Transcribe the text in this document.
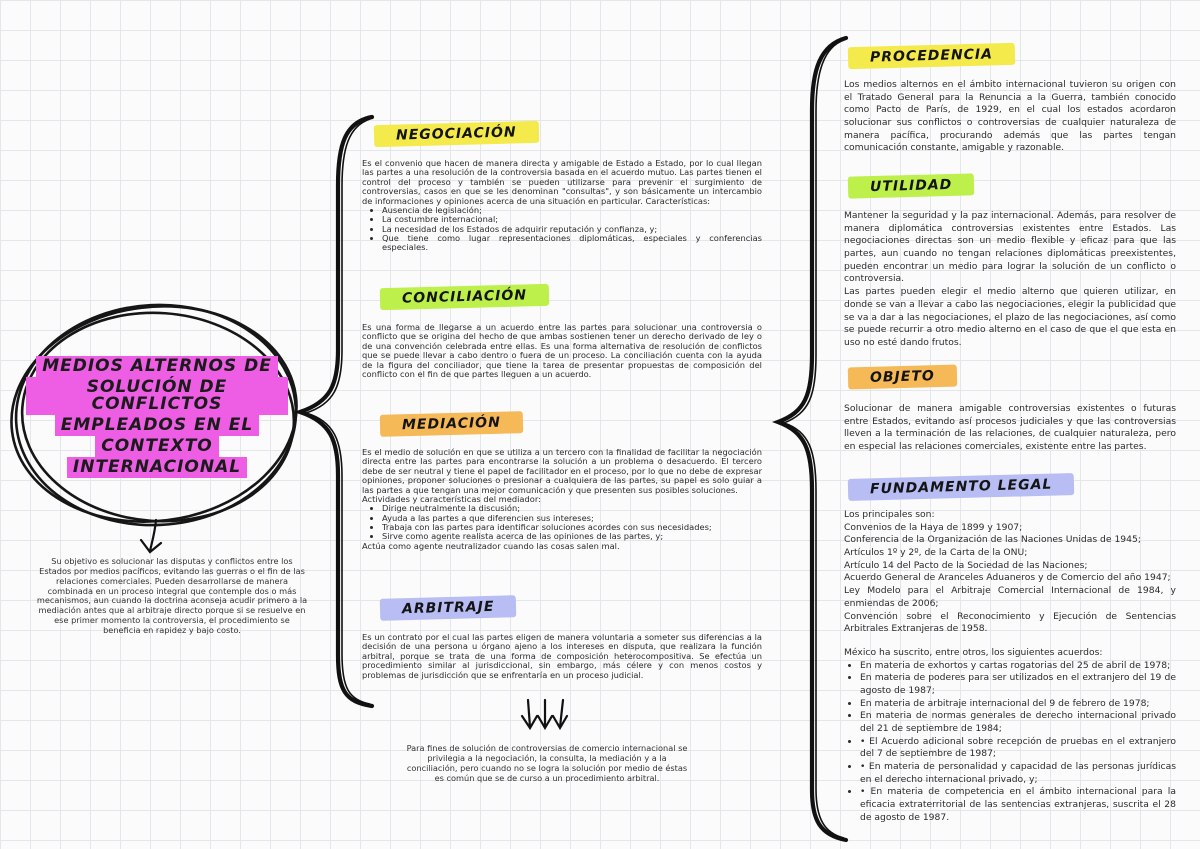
MEDIOS ALTERNOS DE
SOLUCIÓN DE CONFLICTOS
EMPLEADOS EN EL
CONTEXTO
INTERNACIONAL

Su objetivo es solucionar las disputas y conflictos entre los Estados por medios pacíficos, evitando las guerras o el fin de las relaciones comerciales. Pueden desarrollarse de manera combinada en un proceso integral que contemple dos o más mecanismos, aun cuando la doctrina aconseja acudir primero a la mediación antes que al arbitraje directo porque si se resuelve en ese primer momento la controversia, el procedimiento se beneficia en rapidez y bajo costo.

NEGOCIACIÓN

Es el convenio que hacen de manera directa y amigable de Estado a Estado, por lo cual llegan las partes a una resolución de la controversia basada en el acuerdo mutuo. Las partes tienen el control del proceso y también se pueden utilizarse para prevenir el surgimiento de controversias, casos en que se les denominan "consultas", y son básicamente un intercambio de informaciones y opiniones acerca de una situación en particular. Características:

• Ausencia de legislación;
• La costumbre internacional;
• La necesidad de los Estados de adquirir reputación y confianza, y;
• Que tiene como lugar representaciones diplomáticas, especiales y conferencias especiales.
CONCILIACIÓN

Es una forma de llegarse a un acuerdo entre las partes para solucionar una controversia o conflicto que se origina del hecho de que ambas sostienen tener un derecho derivado de ley o de una convención celebrada entre ellas. Es una forma alternativa de resolución de conflictos que se puede llevar a cabo dentro o fuera de un proceso. La conciliación cuenta con la ayuda de la figura del conciliador, que tiene la tarea de presentar propuestas de composición del conflicto con el fin de que partes lleguen a un acuerdo.

MEDIACIÓN

Es el medio de solución en que se utiliza a un tercero con la finalidad de facilitar la negociación directa entre las partes para encontrarse la solución a un problema o desacuerdo. El tercero debe de ser neutral y tiene el papel de facilitador en el proceso, por lo que no debe de expresar opiniones, proponer soluciones o presionar a cualquiera de las partes, su papel es solo guiar a las partes a que tengan una mejor comunicación y que presenten sus posibles soluciones.

Actividades y características del mediador:

• Dirige neutralmente la discusión;
• Ayuda a las partes a que diferencien sus intereses;
• Trabaja con las partes para identificar soluciones acordes con sus necesidades;
• Sirve como agente realista acerca de las opiniones de las partes, y;

Actúa como agente neutralizador cuando las cosas salen mal.

ARBITRAJE

Es un contrato por el cual las partes eligen de manera voluntaria a someter sus diferencias a la decisión de una persona u órgano ajeno a los intereses en disputa, que realizara la función arbitral, porque se trata de una forma de composición heterocompositiva. Se efectúa un procedimiento similar al jurisdiccional, sin embargo, más célere y con menos costos y problemas de jurisdicción que se enfrentaría en un proceso judicial.

Para fines de solución de controversias de comercio internacional se privilegia a la negociación, la consulta, la mediación y a la conciliación, pero cuando no se logra la solución por medio de éstas es común que se de curso a un procedimiento arbitral.

PROCEDENCIA

Los medios alternos en el ámbito internacional tuvieron su origen con el Tratado General para la Renuncia a la Guerra, también conocido como Pacto de París, de 1929, en el cual los estados acordaron solucionar sus conflictos o controversias de cualquier naturaleza de manera pacífica, procurando además que las partes tengan comunicación constante, amigable y razonable.

UTILIDAD

Mantener la seguridad y la paz internacional. Además, para resolver de manera diplomática controversias existentes entre Estados. Las negociaciones directas son un medio flexible y eficaz para que las partes, aun cuando no tengan relaciones diplomáticas preexistentes, pueden encontrar un medio para lograr la solución de un conflicto o controversia.

Las partes pueden elegir el medio alterno que quieren utilizar, en donde se van a llevar a cabo las negociaciones, elegir la publicidad que se va a dar a las negociaciones, el plazo de las negociaciones, así como se puede recurrir a otro medio alterno en el caso de que el que esta en uso no esté dando frutos.

OBJETO

Solucionar de manera amigable controversias existentes o futuras entre Estados, evitando así procesos judiciales y que las controversias lleven a la terminación de las relaciones, de cualquier naturaleza, pero en especial las relaciones comerciales, existente entre las partes.

FUNDAMENTO LEGAL

Los principales son:

Convenios de la Haya de 1899 y 1907;

Conferencia de la Organización de las Naciones Unidas de 1945;

Artículos 1º y 2º, de la Carta de la ONU;

Artículo 14 del Pacto de la Sociedad de las Naciones;

Acuerdo General de Aranceles Aduaneros y de Comercio del año 1947;

Ley Modelo para el Arbitraje Comercial Internacional de 1984, y enmiendas de 2006;

Convención sobre el Reconocimiento y Ejecución de Sentencias Arbitrales Extranjeras de 1958.

México ha suscrito, entre otros, los siguientes acuerdos:

• En materia de exhortos y cartas rogatorias del 25 de abril de 1978;
• En materia de poderes para ser utilizados en el extranjero del 19 de agosto de 1987;
• En materia de arbitraje internacional del 9 de febrero de 1978;
• En materia de normas generales de derecho internacional privado del 21 de septiembre de 1984;
• • El Acuerdo adicional sobre recepción de pruebas en el extranjero del 7 de septiembre de 1987;
• • En materia de personalidad y capacidad de las personas jurídicas en el derecho internacional privado, y;
• • En materia de competencia en el ámbito internacional para la eficacia extraterritorial de las sentencias extranjeras, suscrita el 28 de agosto de 1987.
